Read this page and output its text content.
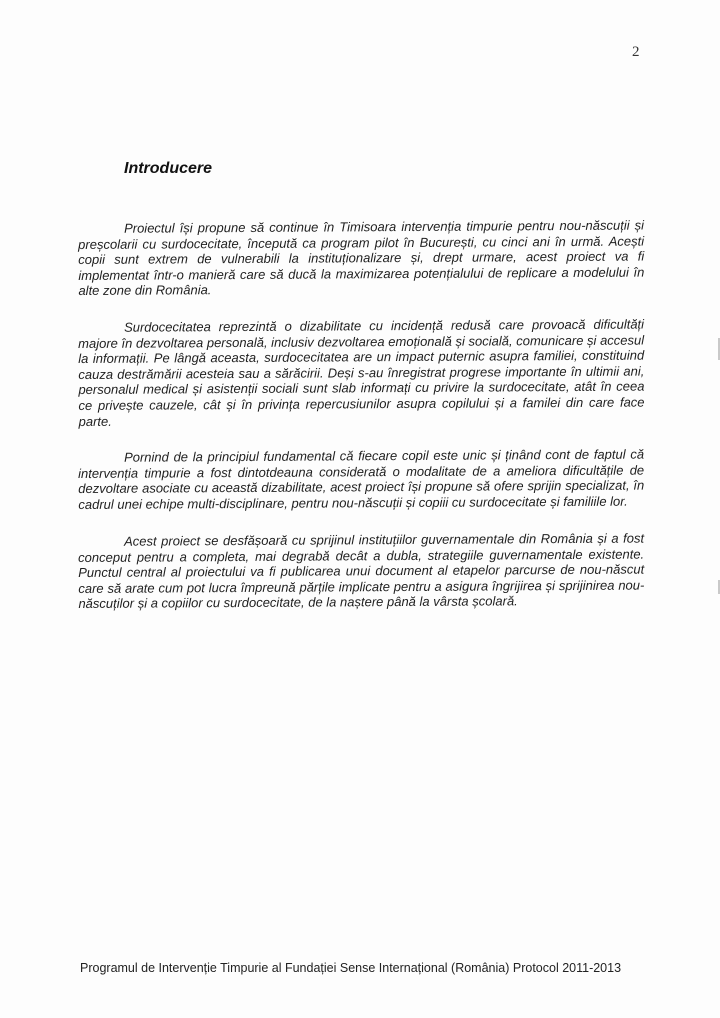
2
Introducere

Proiectul își propune să continue în Timisoara intervenția timpurie pentru nou-născuții și preșcolarii cu surdocecitate, începută ca program pilot în București, cu cinci ani în urmă. Acești copii sunt extrem de vulnerabili la instituționalizare și, drept urmare, acest proiect va fi implementat într-o manieră care să ducă la maximizarea potențialului de replicare a modelului în alte zone din România.

Surdocecitatea reprezintă o dizabilitate cu incidență redusă care provoacă dificultăți majore în dezvoltarea personală, inclusiv dezvoltarea emoțională și socială, comunicare și accesul la informații. Pe lângă aceasta, surdocecitatea are un impact puternic asupra familiei, constituind cauza destrămării acesteia sau a sărăcirii. Deși s-au înregistrat progrese importante în ultimii ani, personalul medical și asistenții sociali sunt slab informați cu privire la surdocecitate, atât în ceea ce privește cauzele, cât și în privința repercusiunilor asupra copilului și a familei din care face parte.

Pornind de la principiul fundamental că fiecare copil este unic și ținând cont de faptul că intervenția timpurie a fost dintotdeauna considerată o modalitate de a ameliora dificultățile de dezvoltare asociate cu această dizabilitate, acest proiect își propune să ofere sprijin specializat, în cadrul unei echipe multi-disciplinare, pentru nou-născuții și copiii cu surdocecitate și familiile lor.

Acest proiect se desfășoară cu sprijinul instituțiilor guvernamentale din România și a fost conceput pentru a completa, mai degrabă decât a dubla, strategiile guvernamentale existente. Punctul central al proiectului va fi publicarea unui document al etapelor parcurse de nou-născut care să arate cum pot lucra împreună părțile implicate pentru a asigura îngrijirea și sprijinirea nou-născuților și a copiilor cu surdocecitate, de la naștere până la vârsta școlară.

Programul de Intervenție Timpurie al Fundației Sense Internațional (România) Protocol 2011-2013
